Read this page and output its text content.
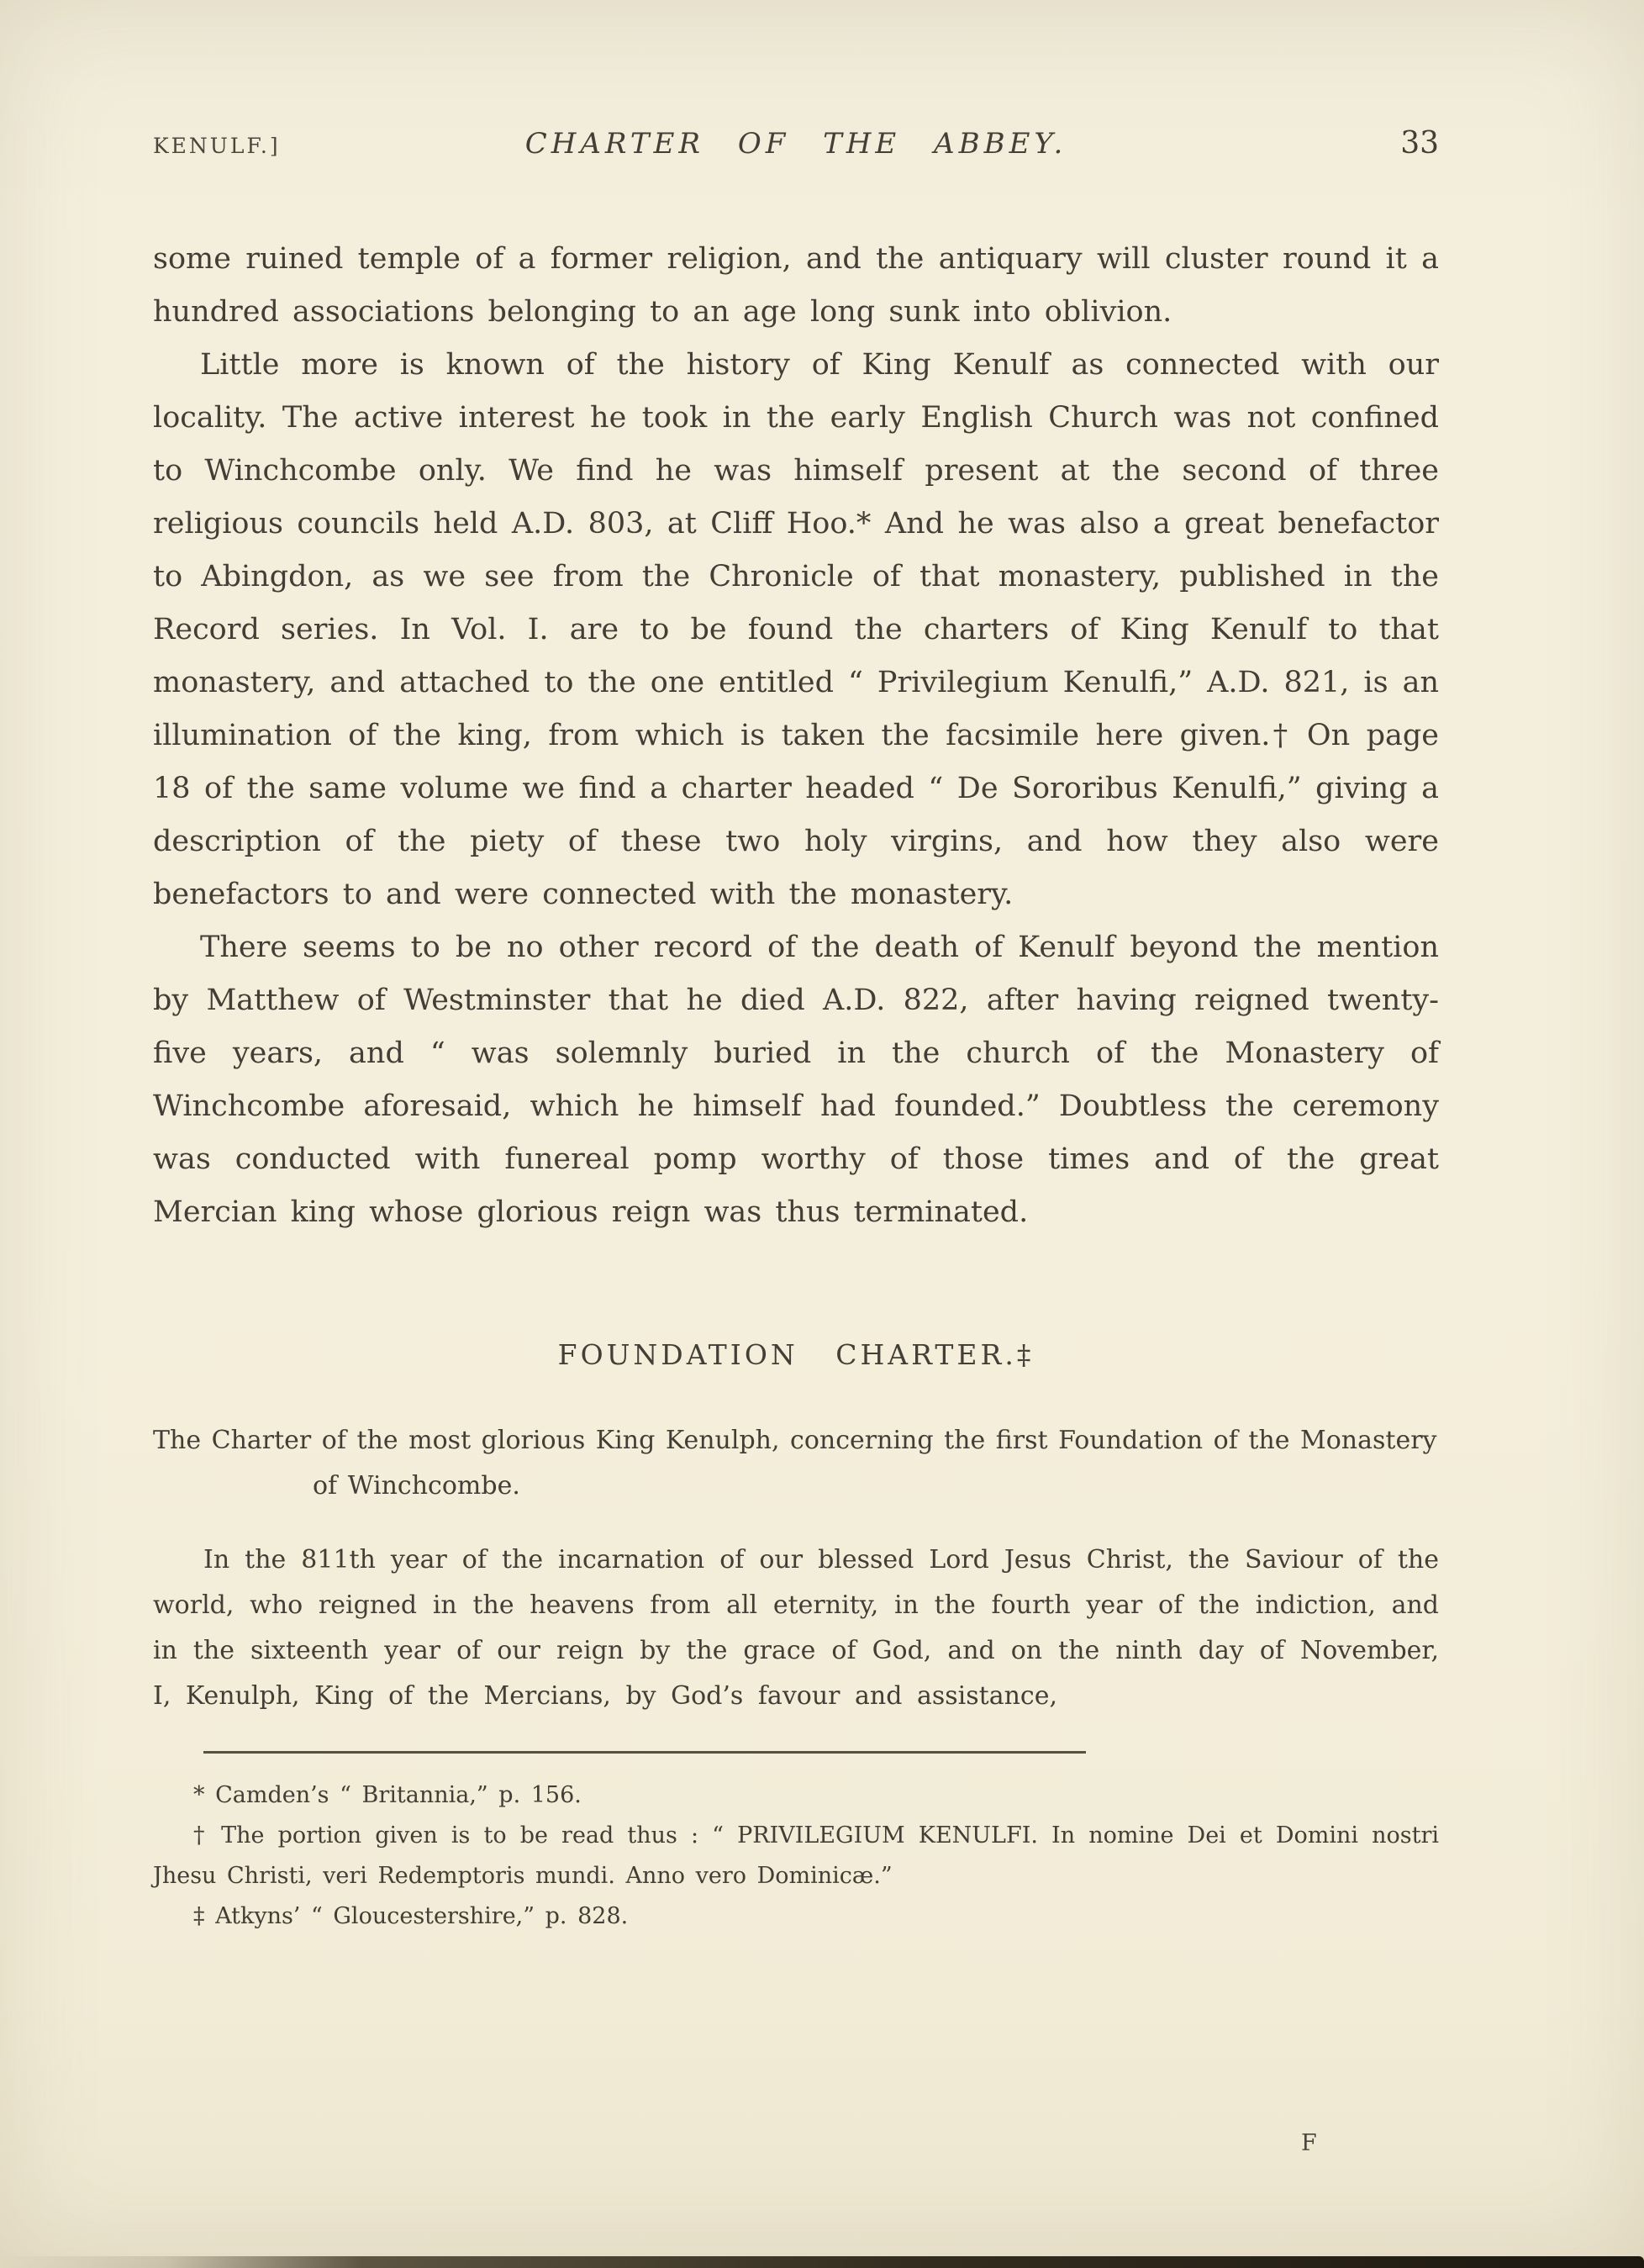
KENULF.]	CHARTER OF THE ABBEY.	33

some ruined temple of a former religion, and the antiquary will cluster round it a hundred associations belonging to an age long sunk into oblivion.

Little more is known of the history of King Kenulf as connected with our locality. The active interest he took in the early English Church was not confined to Winchcombe only. We find he was himself present at the second of three religious councils held A.D. 803, at Cliff Hoo.* And he was also a great benefactor to Abingdon, as we see from the Chronicle of that monastery, published in the Record series. In Vol. I. are to be found the charters of King Kenulf to that monastery, and attached to the one entitled “ Privilegium Kenulfi,” A.D. 821, is an illumination of the king, from which is taken the facsimile here given.† On page 18 of the same volume we find a charter headed “ De Sororibus Kenulfi,” giving a description of the piety of these two holy virgins, and how they also were benefactors to and were connected with the monastery.

There seems to be no other record of the death of Kenulf beyond the mention by Matthew of Westminster that he died A.D. 822, after having reigned twenty-five years, and “ was solemnly buried in the church of the Monastery of Winchcombe aforesaid, which he himself had founded.” Doubtless the ceremony was conducted with funereal pomp worthy of those times and of the great Mercian king whose glorious reign was thus terminated.

FOUNDATION CHARTER.‡

The Charter of the most glorious King Kenulph, concerning the first Foundation of the Monastery of Winchcombe.

In the 811th year of the incarnation of our blessed Lord Jesus Christ, the Saviour of the world, who reigned in the heavens from all eternity, in the fourth year of the indiction, and in the sixteenth year of our reign by the grace of God, and on the ninth day of November, I, Kenulph, King of the Mercians, by God’s favour and assistance,

* Camden’s “ Britannia,” p. 156.

† The portion given is to be read thus : “ PRIVILEGIUM KENULFI. In nomine Dei et Domini nostri Jhesu Christi, veri Redemptoris mundi. Anno vero Dominicæ.”

‡ Atkyns’ “ Gloucestershire,” p. 828.

F
